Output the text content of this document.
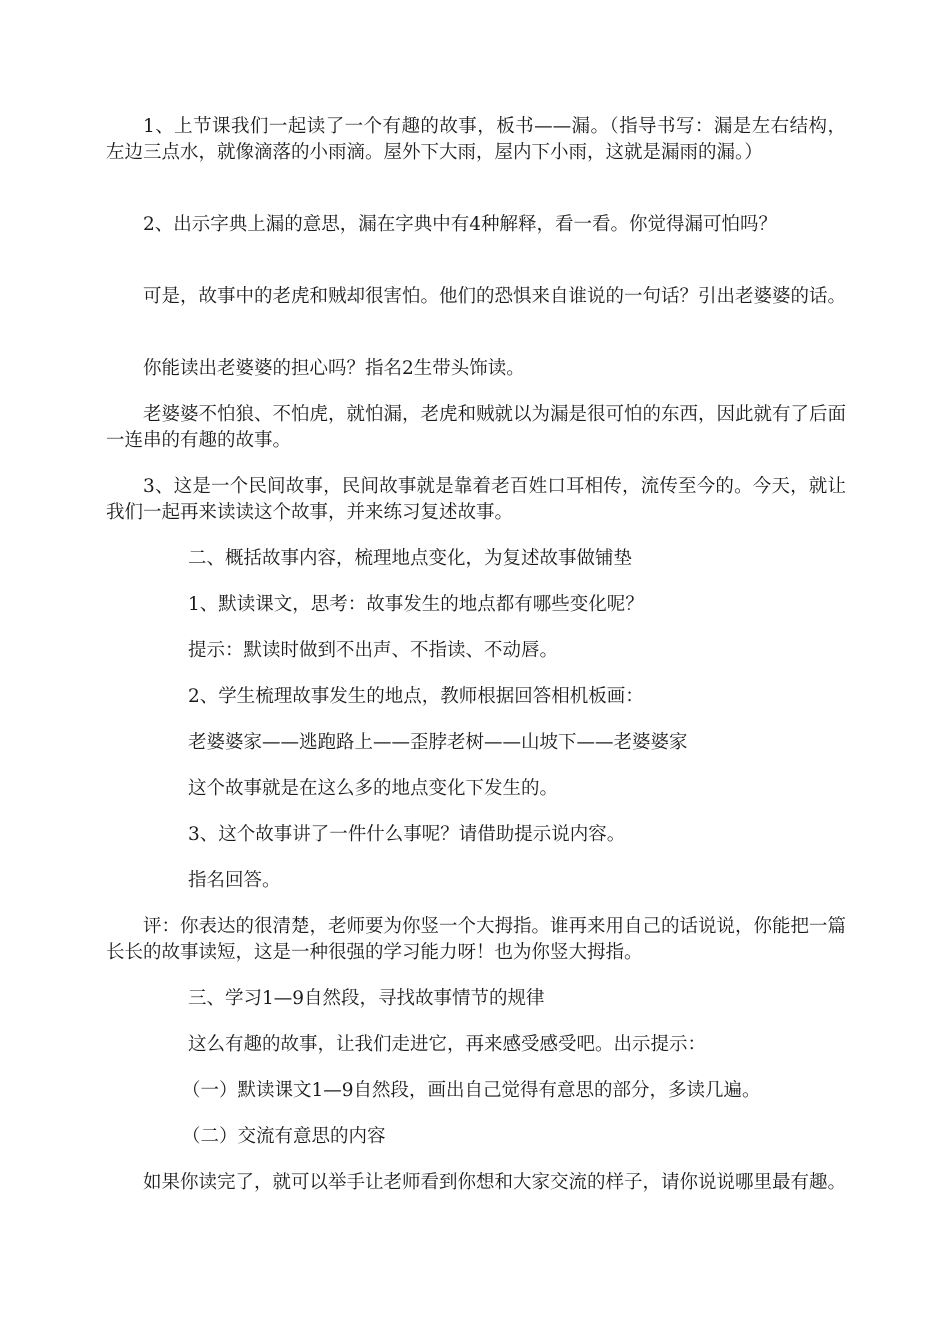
1、上节课我们一起读了一个有趣的故事，板书——漏。（指导书写：漏是左右结构，左边三点水，就像滴落的小雨滴。屋外下大雨，屋内下小雨，这就是漏雨的漏。）

2、出示字典上漏的意思，漏在字典中有4种解释，看一看。你觉得漏可怕吗？

可是，故事中的老虎和贼却很害怕。他们的恐惧来自谁说的一句话？引出老婆婆的话。

你能读出老婆婆的担心吗？指名2生带头饰读。

老婆婆不怕狼、不怕虎，就怕漏，老虎和贼就以为漏是很可怕的东西，因此就有了后面一连串的有趣的故事。

3、这是一个民间故事，民间故事就是靠着老百姓口耳相传，流传至今的。今天，就让我们一起再来读读这个故事，并来练习复述故事。

二、概括故事内容，梳理地点变化，为复述故事做铺垫

1、默读课文，思考：故事发生的地点都有哪些变化呢？

提示：默读时做到不出声、不指读、不动唇。

2、学生梳理故事发生的地点，教师根据回答相机板画：

老婆婆家——逃跑路上——歪脖老树——山坡下——老婆婆家

这个故事就是在这么多的地点变化下发生的。

3、这个故事讲了一件什么事呢？请借助提示说内容。

指名回答。

评：你表达的很清楚，老师要为你竖一个大拇指。谁再来用自己的话说说，你能把一篇长长的故事读短，这是一种很强的学习能力呀！也为你竖大拇指。

三、学习1—9自然段，寻找故事情节的规律

这么有趣的故事，让我们走进它，再来感受感受吧。出示提示：

（一）默读课文1—9自然段，画出自己觉得有意思的部分，多读几遍。

（二）交流有意思的内容

如果你读完了，就可以举手让老师看到你想和大家交流的样子，请你说说哪里最有趣。
